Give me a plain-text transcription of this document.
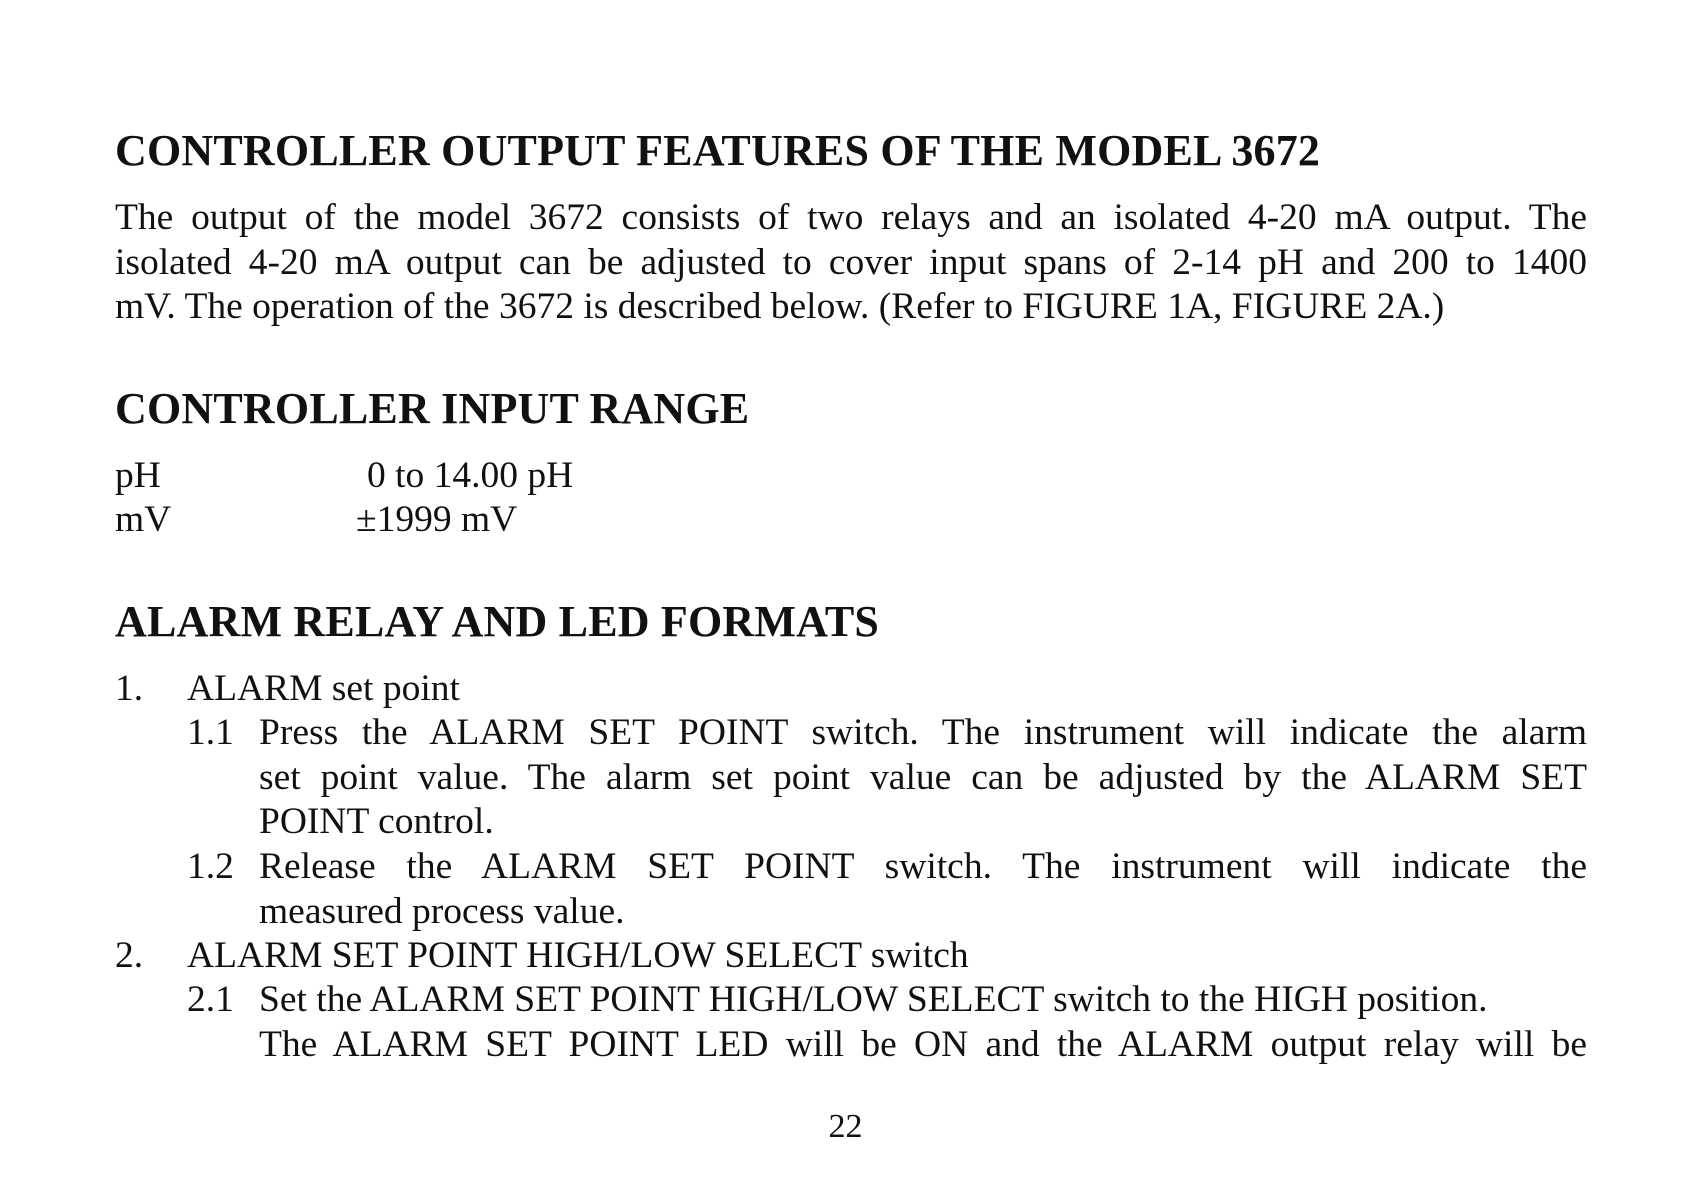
CONTROLLER OUTPUT FEATURES OF THE MODEL 3672
The output of the model 3672 consists of two relays and an isolated 4-20 mA output. The
isolated 4-20 mA output can be adjusted to cover input spans of 2-14 pH and 200 to 1400
mV. The operation of the 3672 is described below. (Refer to FIGURE 1A, FIGURE 2A.)
CONTROLLER INPUT RANGE
pH	0 to 14.00 pH
mV	±1999 mV
ALARM RELAY AND LED FORMATS
1. ALARM set point
1.1 Press the ALARM SET POINT switch. The instrument will indicate the alarm
set point value. The alarm set point value can be adjusted by the ALARM SET
POINT control.
1.2 Release the ALARM SET POINT switch. The instrument will indicate the
measured process value.
2. ALARM SET POINT HIGH/LOW SELECT switch
2.1 Set the ALARM SET POINT HIGH/LOW SELECT switch to the HIGH position.
The ALARM SET POINT LED will be ON and the ALARM output relay will be
22
